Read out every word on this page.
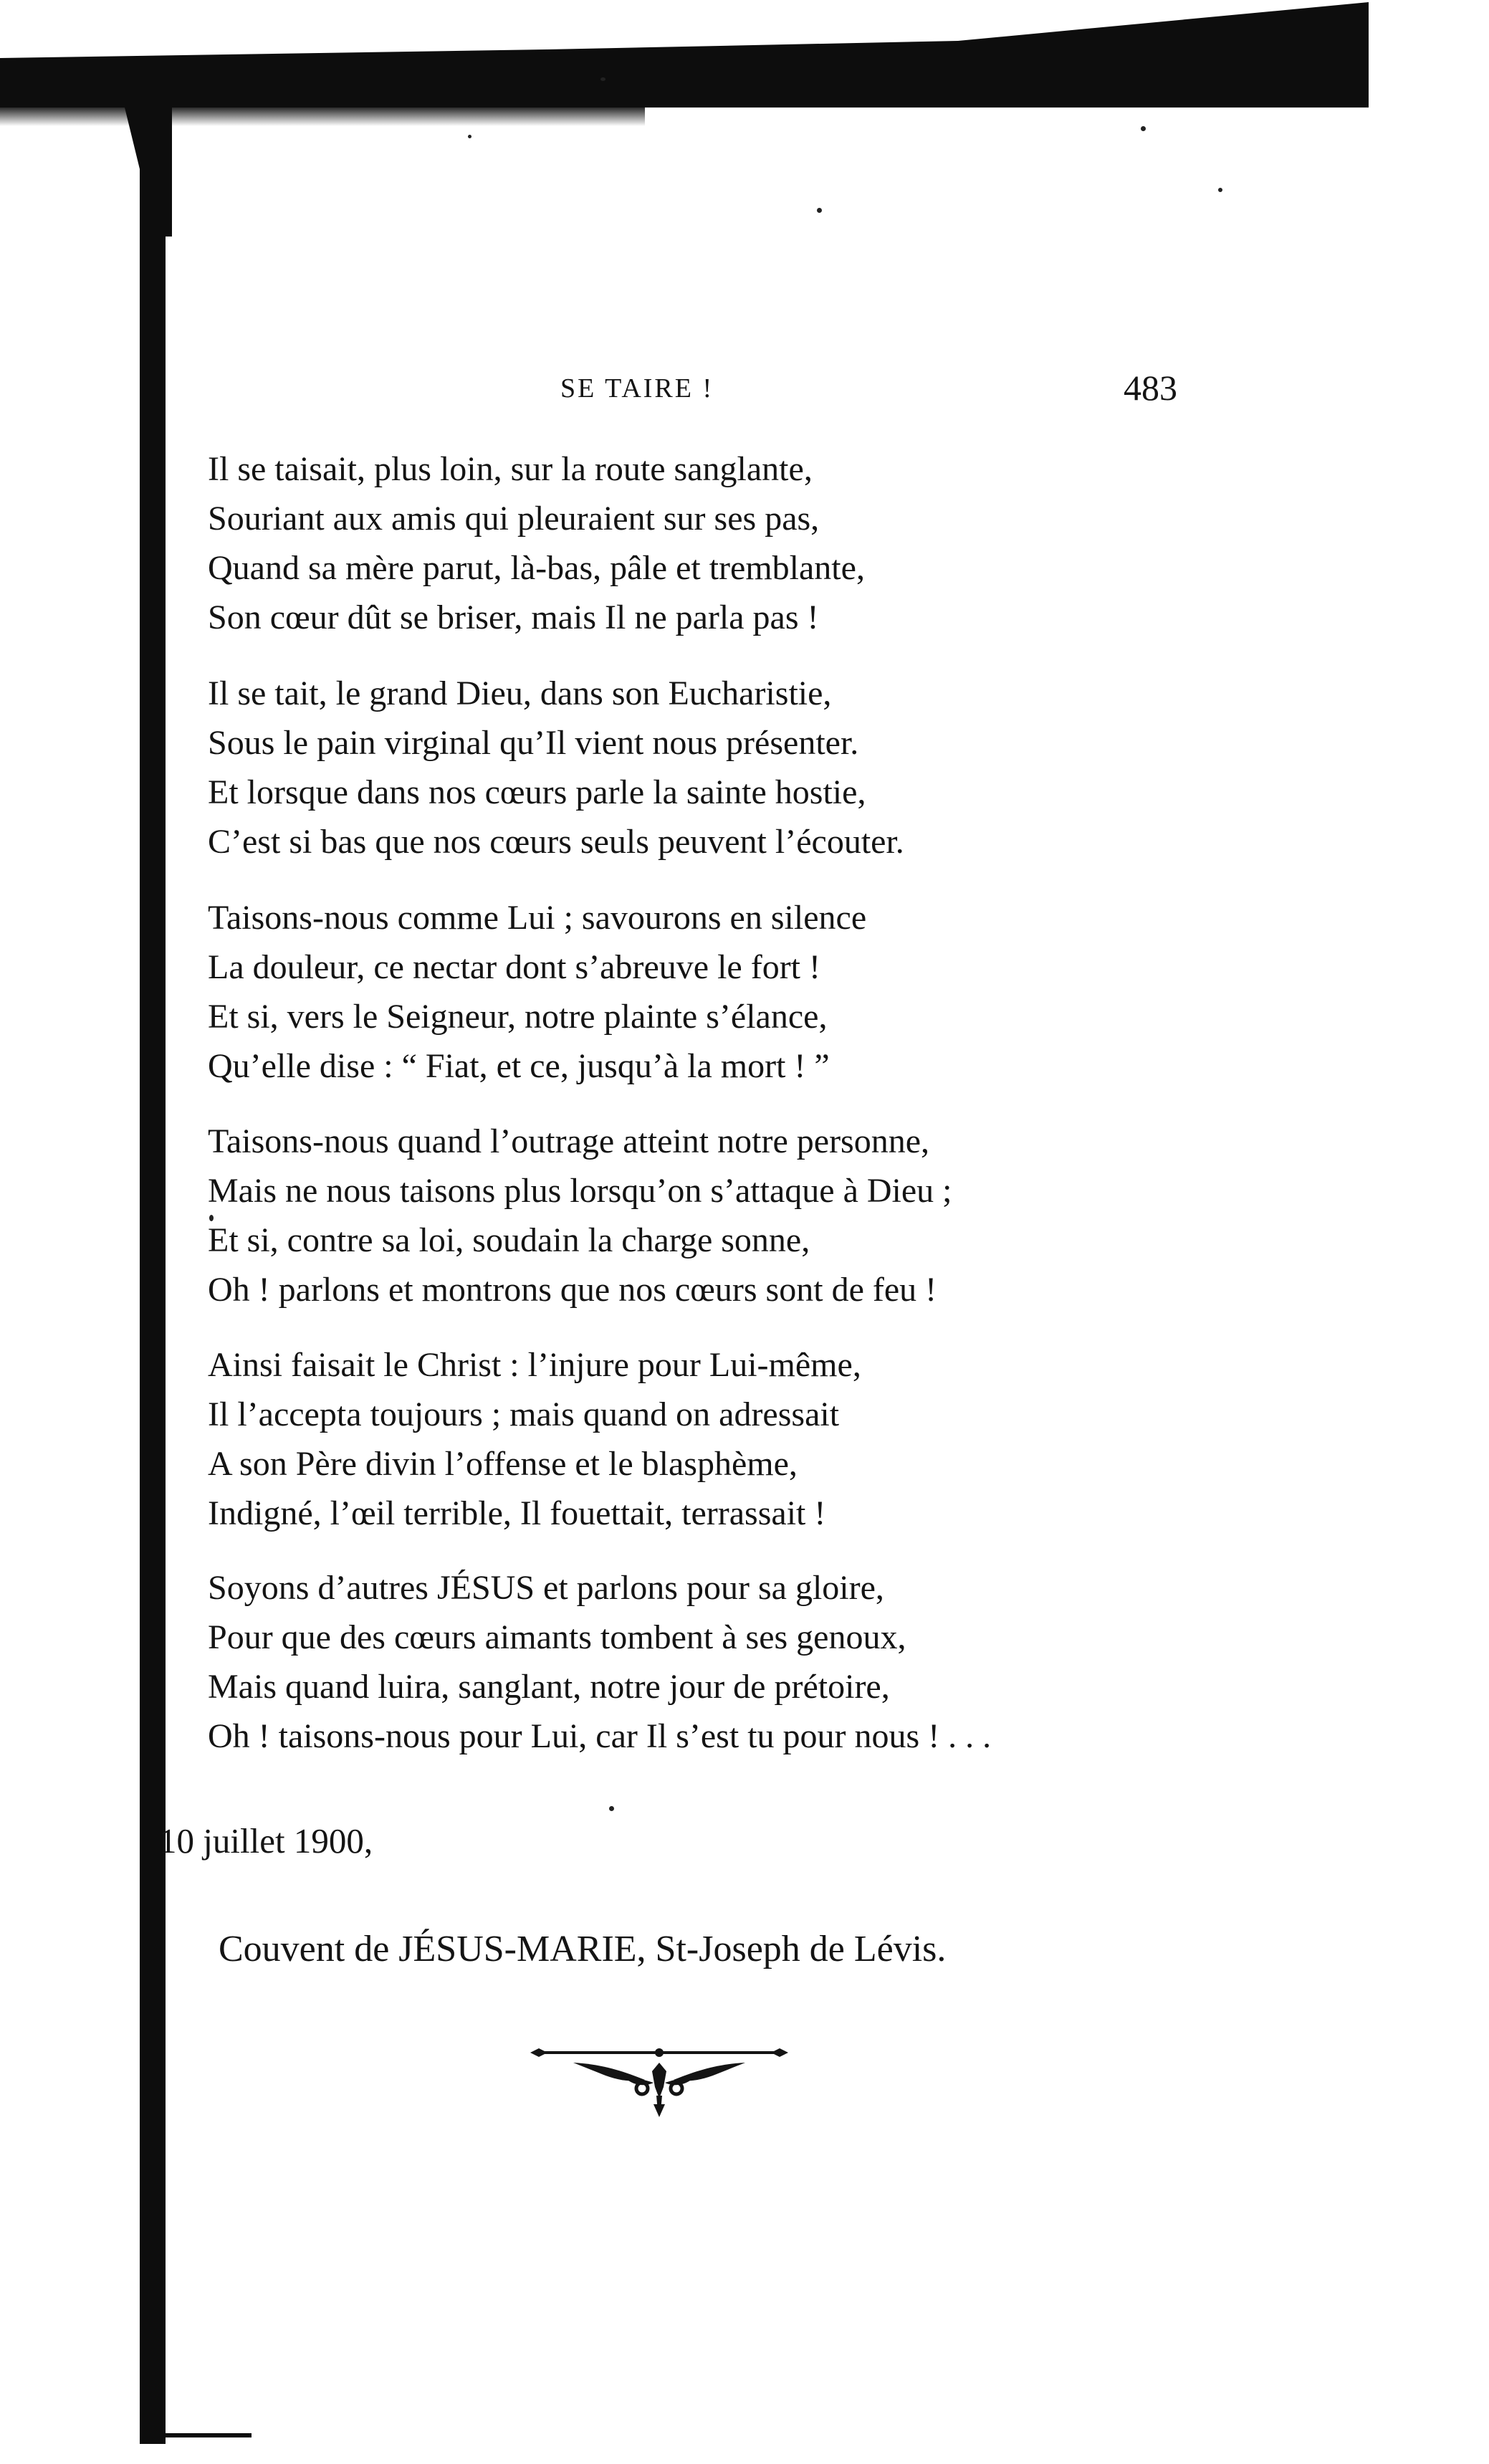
SE TAIRE !	483
Il se taisait, plus loin, sur la route sanglante,
Souriant aux amis qui pleuraient sur ses pas,
Quand sa mère parut, là-bas, pâle et tremblante,
Son cœur dût se briser, mais Il ne parla pas !
Il se tait, le grand Dieu, dans son Eucharistie,
Sous le pain virginal qu’Il vient nous présenter.
Et lorsque dans nos cœurs parle la sainte hostie,
C’est si bas que nos cœurs seuls peuvent l’écouter.
Taisons-nous comme Lui ; savourons en silence
La douleur, ce nectar dont s’abreuve le fort !
Et si, vers le Seigneur, notre plainte s’élance,
Qu’elle dise : “ Fiat, et ce, jusqu’à la mort ! ”
Taisons-nous quand l’outrage atteint notre personne,
Mais ne nous taisons plus lorsqu’on s’attaque à Dieu ;
Et si, contre sa loi, soudain la charge sonne,
Oh ! parlons et montrons que nos cœurs sont de feu !
Ainsi faisait le Christ : l’injure pour Lui-même,
Il l’accepta toujours ; mais quand on adressait
A son Père divin l’offense et le blasphème,
Indigné, l’œil terrible, Il fouettait, terrassait !
Soyons d’autres JÉSUS et parlons pour sa gloire,
Pour que des cœurs aimants tombent à ses genoux,
Mais quand luira, sanglant, notre jour de prétoire,
Oh ! taisons-nous pour Lui, car Il s’est tu pour nous ! . . .
10 juillet 1900,
Couvent de JÉSUS-MARIE, St-Joseph de Lévis.
